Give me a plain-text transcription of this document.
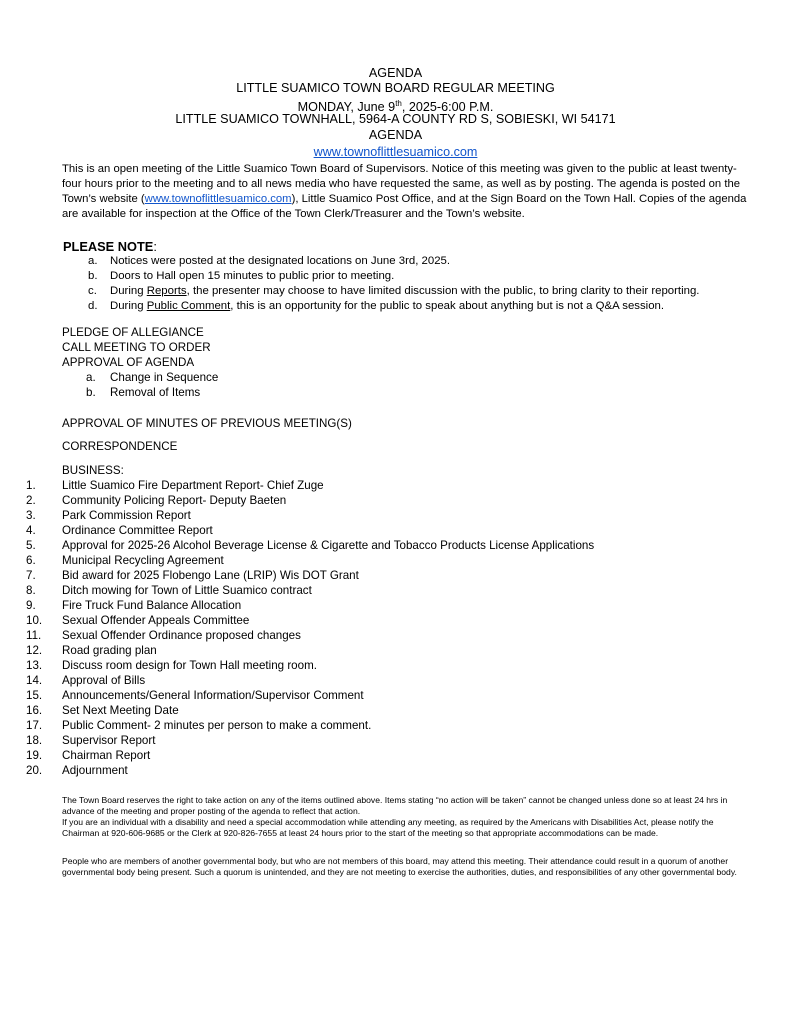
AGENDA
LITTLE SUAMICO TOWN BOARD REGULAR MEETING
MONDAY, June 9th, 2025-6:00 P.M.
LITTLE SUAMICO TOWNHALL, 5964-A COUNTY RD S, SOBIESKI, WI 54171
AGENDA
www.townoflittlesuamico.com
This is an open meeting of the Little Suamico Town Board of Supervisors. Notice of this meeting was given to the public at least twenty-four hours prior to the meeting and to all news media who have requested the same, as well as by posting. The agenda is posted on the Town’s website (www.townoflittlesuamico.com), Little Suamico Post Office, and at the Sign Board on the Town Hall. Copies of the agenda are available for inspection at the Office of the Town Clerk/Treasurer and the Town’s website.
PLEASE NOTE:
a. Notices were posted at the designated locations on June 3rd, 2025.
b. Doors to Hall open 15 minutes to public prior to meeting.
c. During Reports, the presenter may choose to have limited discussion with the public, to bring clarity to their reporting.
d. During Public Comment, this is an opportunity for the public to speak about anything but is not a Q&A session.
PLEDGE OF ALLEGIANCE
CALL MEETING TO ORDER
APPROVAL OF AGENDA
a. Change in Sequence
b. Removal of Items
APPROVAL OF MINUTES OF PREVIOUS MEETING(S)
CORRESPONDENCE
BUSINESS:
1. Little Suamico Fire Department Report- Chief Zuge
2. Community Policing Report- Deputy Baeten
3. Park Commission Report
4. Ordinance Committee Report
5. Approval for 2025-26 Alcohol Beverage License & Cigarette and Tobacco Products License Applications
6. Municipal Recycling Agreement
7. Bid award for 2025 Flobengo Lane (LRIP) Wis DOT Grant
8. Ditch mowing for Town of Little Suamico contract
9. Fire Truck Fund Balance Allocation
10. Sexual Offender Appeals Committee
11. Sexual Offender Ordinance proposed changes
12. Road grading plan
13. Discuss room design for Town Hall meeting room.
14. Approval of Bills
15. Announcements/General Information/Supervisor Comment
16. Set Next Meeting Date
17. Public Comment- 2 minutes per person to make a comment.
18. Supervisor Report
19. Chairman Report
20. Adjournment
The Town Board reserves the right to take action on any of the items outlined above. Items stating “no action will be taken” cannot be changed unless done so at least 24 hrs in advance of the meeting and proper posting of the agenda to reflect that action.
If you are an individual with a disability and need a special accommodation while attending any meeting, as required by the Americans with Disabilities Act, please notify the Chairman at 920-606-9685 or the Clerk at 920-826-7655 at least 24 hours prior to the start of the meeting so that appropriate accommodations can be made.
People who are members of another governmental body, but who are not members of this board, may attend this meeting. Their attendance could result in a quorum of another governmental body being present. Such a quorum is unintended, and they are not meeting to exercise the authorities, duties, and responsibilities of any other governmental body.
